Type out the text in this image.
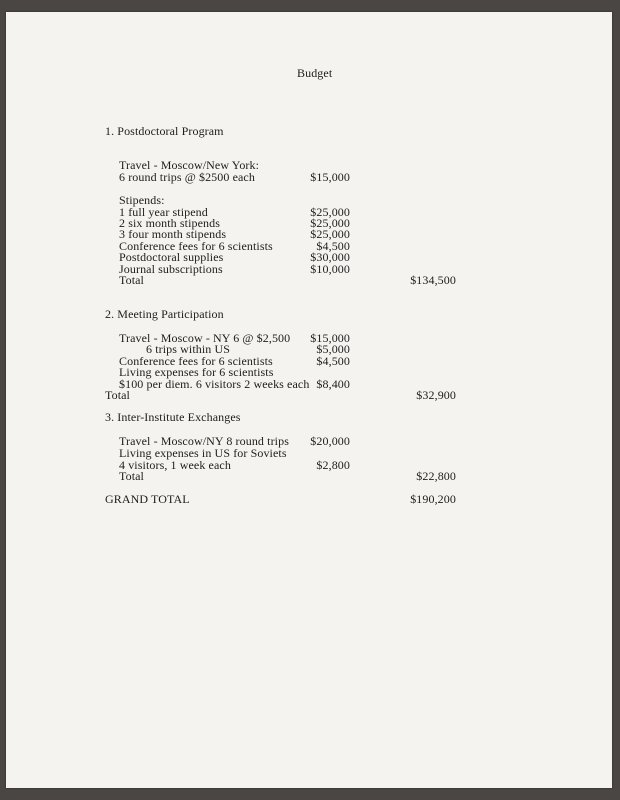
Budget
1. Postdoctoral Program
Travel - Moscow/New York:
6 round trips @ $2500 each	$15,000
Stipends:
1 full year stipend	$25,000
2 six month stipends	$25,000
3 four month stipends	$25,000
Conference fees for 6 scientists	$4,500
Postdoctoral supplies	$30,000
Journal subscriptions	$10,000
Total	$134,500
2. Meeting Participation
Travel - Moscow - NY 6 @ $2,500	$15,000
6 trips within US	$5,000
Conference fees for 6 scientists	$4,500
Living expenses for 6 scientists
$100 per diem. 6 visitors 2 weeks each $8,400
Total	$32,900
3. Inter-Institute Exchanges
Travel - Moscow/NY 8 round trips	$20,000
Living expenses in US for Soviets
4 visitors, 1 week each	$2,800
Total	$22,800
GRAND TOTAL	$190,200
